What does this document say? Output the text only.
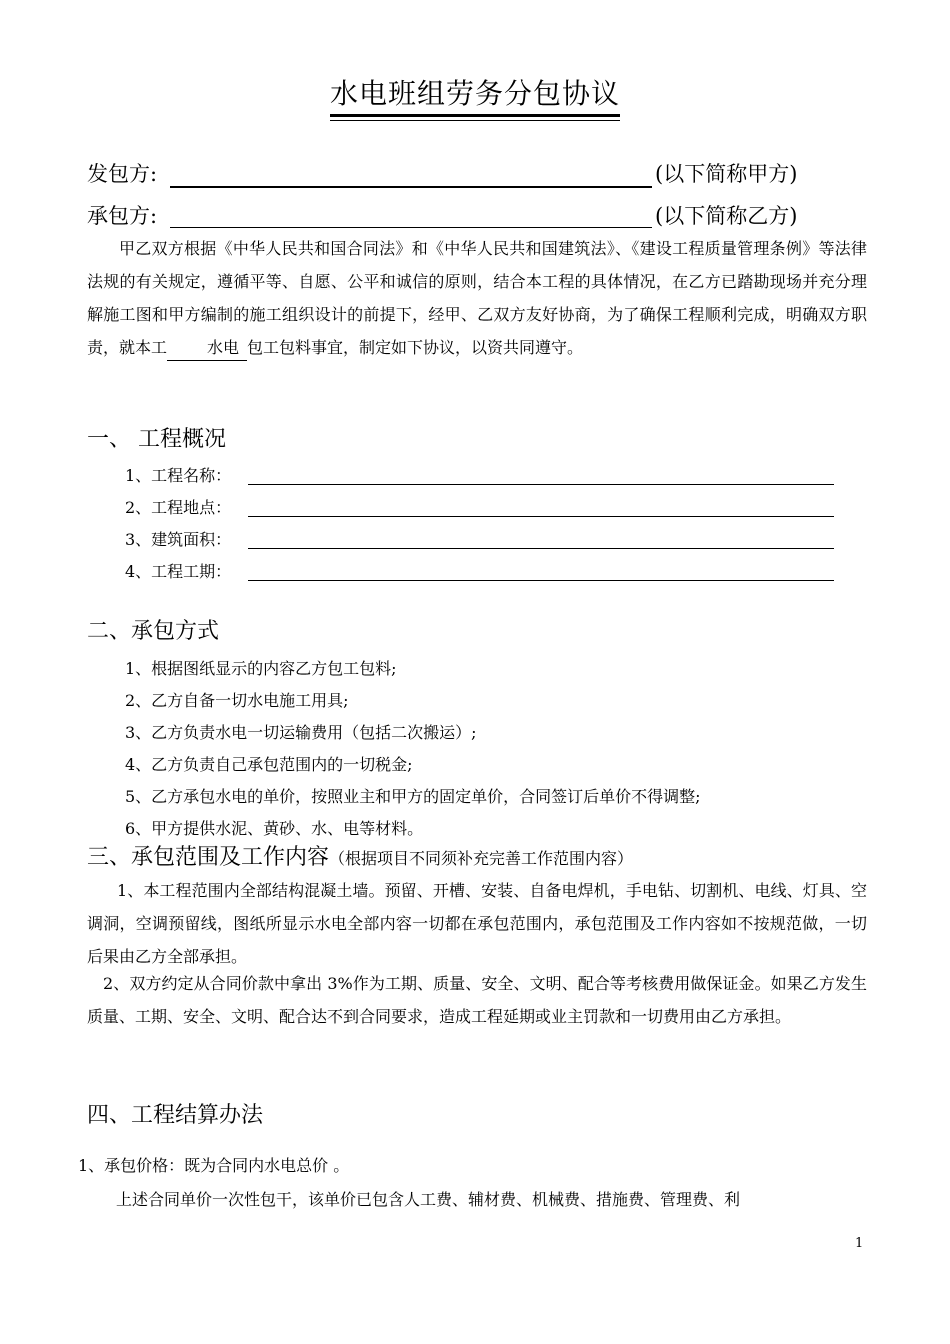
水电班组劳务分包协议
发包方:	(以下简称甲方)
承包方:	(以下简称乙方)

甲乙双方根据《中华人民共和国合同法》和《中华人民共和国建筑法》、《建设工程质量管理条例》等法律法规的有关规定，遵循平等、自愿、公平和诚信的原则，结合本工程的具体情况，在乙方已踏勘现场并充分理解施工图和甲方编制的施工组织设计的前提下，经甲、乙双方友好协商，为了确保工程顺利完成，明确双方职责，就本工	水电 包工包料事宜，制定如下协议，以资共同遵守。

一、 工程概况
1、工程名称：
2、工程地点：
3、建筑面积：
4、工程工期：
二、承包方式
1、根据图纸显示的内容乙方包工包料;
2、乙方自备一切水电施工用具;
3、乙方负责水电一切运输费用（包括二次搬运）;
4、乙方负责自己承包范围内的一切税金;
5、乙方承包水电的单价，按照业主和甲方的固定单价，合同签订后单价不得调整;
6、甲方提供水泥、黄砂、水、电等材料。
三、承包范围及工作内容（根据项目不同须补充完善工作范围内容）

1、本工程范围内全部结构混凝土墙。预留、开槽、安装、自备电焊机，手电钻、切割机、电线、灯具、空调洞，空调预留线，图纸所显示水电全部内容一切都在承包范围内，承包范围及工作内容如不按规范做，一切后果由乙方全部承担。

2、双方约定从合同价款中拿出 3%作为工期、质量、安全、文明、配合等考核费用做保证金。如果乙方发生质量、工期、安全、文明、配合达不到合同要求，造成工程延期或业主罚款和一切费用由乙方承担。

四、工程结算办法
1、承包价格：既为合同内水电总价 。
上述合同单价一次性包干，该单价已包含人工费、辅材费、机械费、措施费、管理费、利
1
